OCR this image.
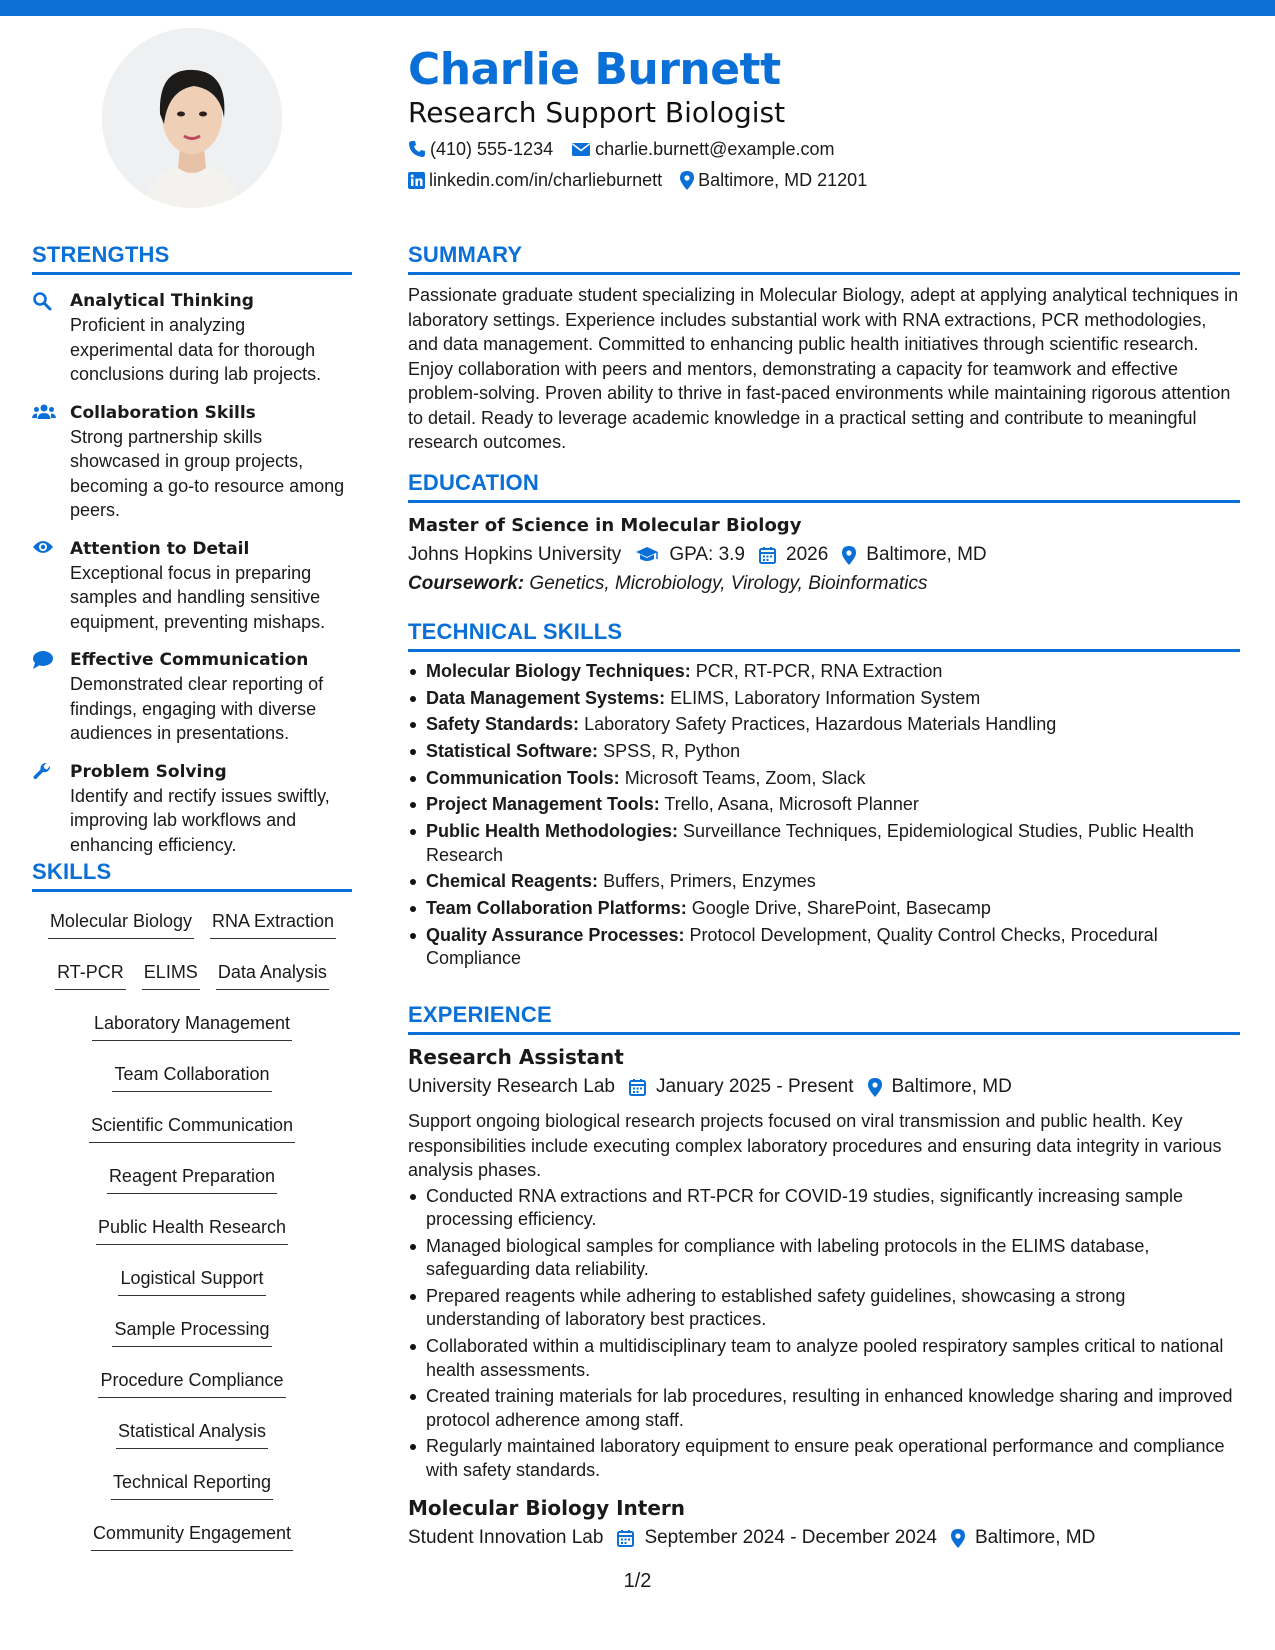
STRENGTHS
Analytical Thinking
Proficient in analyzing experimental data for thorough conclusions during lab projects.
Collaboration Skills
Strong partnership skills showcased in group projects, becoming a go-to resource among peers.
Attention to Detail
Exceptional focus in preparing samples and handling sensitive equipment, preventing mishaps.
Effective Communication
Demonstrated clear reporting of findings, engaging with diverse audiences in presentations.
Problem Solving
Identify and rectify issues swiftly, improving lab workflows and enhancing efficiency.
SKILLS
Molecular Biology RNA Extraction
RT-PCR ELIMS Data Analysis
Laboratory Management
Team Collaboration
Scientific Communication
Reagent Preparation
Public Health Research
Logistical Support
Sample Processing
Procedure Compliance
Statistical Analysis
Technical Reporting
Community Engagement
Charlie Burnett
Research Support Biologist
(410) 555-1234 charlie.burnett@example.com
linkedin.com/in/charlieburnett Baltimore, MD 21201
SUMMARY
Passionate graduate student specializing in Molecular Biology, adept at applying analytical techniques in laboratory settings. Experience includes substantial work with RNA extractions, PCR methodologies, and data management. Committed to enhancing public health initiatives through scientific research. Enjoy collaboration with peers and mentors, demonstrating a capacity for teamwork and effective problem-solving. Proven ability to thrive in fast-paced environments while maintaining rigorous attention to detail. Ready to leverage academic knowledge in a practical setting and contribute to meaningful research outcomes.
EDUCATION
Master of Science in Molecular Biology
Johns Hopkins University	GPA: 3.9 2026 Baltimore, MD
Coursework: Genetics, Microbiology, Virology, Bioinformatics
TECHNICAL SKILLS
Molecular Biology Techniques: PCR, RT-PCR, RNA Extraction
Data Management Systems: ELIMS, Laboratory Information System
Safety Standards: Laboratory Safety Practices, Hazardous Materials Handling
Statistical Software: SPSS, R, Python
Communication Tools: Microsoft Teams, Zoom, Slack
Project Management Tools: Trello, Asana, Microsoft Planner
Public Health Methodologies: Surveillance Techniques, Epidemiological Studies, Public Health Research
Chemical Reagents: Buffers, Primers, Enzymes
Team Collaboration Platforms: Google Drive, SharePoint, Basecamp
Quality Assurance Processes: Protocol Development, Quality Control Checks, Procedural Compliance
EXPERIENCE
Research Assistant
University Research Lab January 2025 - Present Baltimore, MD
Support ongoing biological research projects focused on viral transmission and public health. Key responsibilities include executing complex laboratory procedures and ensuring data integrity in various analysis phases.
Conducted RNA extractions and RT-PCR for COVID-19 studies, significantly increasing sample processing efficiency.
Managed biological samples for compliance with labeling protocols in the ELIMS database, safeguarding data reliability.
Prepared reagents while adhering to established safety guidelines, showcasing a strong understanding of laboratory best practices.
Collaborated within a multidisciplinary team to analyze pooled respiratory samples critical to national health assessments.
Created training materials for lab procedures, resulting in enhanced knowledge sharing and improved protocol adherence among staff.
Regularly maintained laboratory equipment to ensure peak operational performance and compliance with safety standards.
Molecular Biology Intern
Student Innovation Lab September 2024 - December 2024 Baltimore, MD
1/2
